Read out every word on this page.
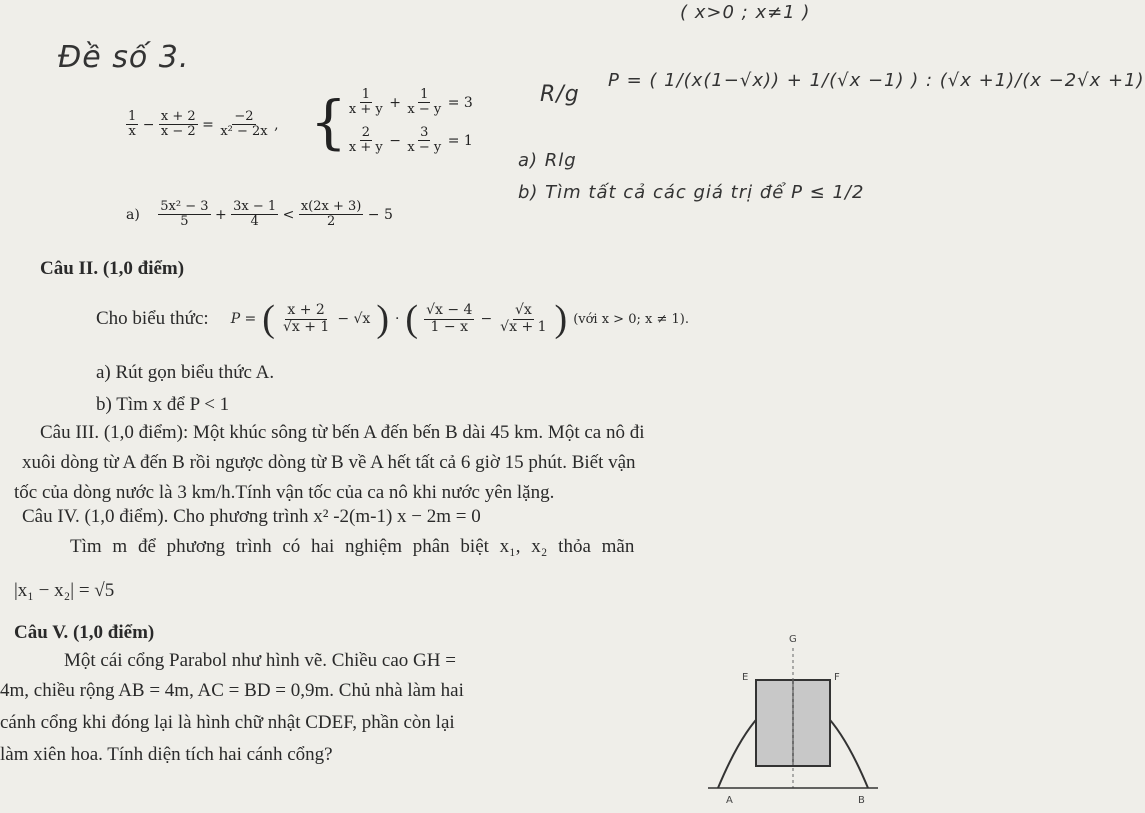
Đề số 3.
( x>0 ; x≠1 )
R/g
P = ( 1/(x(1−√x)) + 1/(√x −1) ) : (√x +1)/(x −2√x +1)
a) Rlg
b) Tìm tất cả các giá trị để P ≤ 1/2
$\frac{1}{x} - \frac{x + 2}{x - 2} = \frac{-2}{\text{x² − 2x}}$ , { $\frac{1}{x + y} + \frac{1}{x - y} = 3$
$\frac{2}{x + y} - \frac{3}{x - y} = 1$
$a) \frac{\text{5x² − 3}}{5} + \frac{3x - 1}{4} < \frac{x(2x + 3)}{2} - 5$
Câu II. (1,0 điểm)
Cho biểu thức: P = ( $\frac{x + 2}{√x + 1} - √x$ ) · ( $\frac{√x - 4}{1 - x} - \frac{√x}{√x + 1}$ ) (với x > 0; x ≠ 1).
a) Rút gọn biểu thức A.
b) Tìm x để P < 1
Câu III. (1,0 điểm): Một khúc sông từ bến A đến bến B dài 45 km. Một ca nô đi
xuôi dòng từ A đến B rồi ngược dòng từ B về A hết tất cả 6 giờ 15 phút. Biết vận
tốc của dòng nước là 3 km/h.Tính vận tốc của ca nô khi nước yên lặng.
Câu IV. (1,0 điểm). Cho phương trình x² -2(m-1) x − 2m = 0
Tìm m để phương trình có hai nghiệm phân biệt x₁, x₂ thỏa mãn
|x₁ − x₂| = √5
Câu V. (1,0 điểm)
Một cái cổng Parabol như hình vẽ. Chiều cao GH =
4m, chiều rộng AB = 4m, AC = BD = 0,9m. Chủ nhà làm hai
cánh cổng khi đóng lại là hình chữ nhật CDEF, phần còn lại
làm xiên hoa. Tính diện tích hai cánh cổng?
G
E	F
A	B
